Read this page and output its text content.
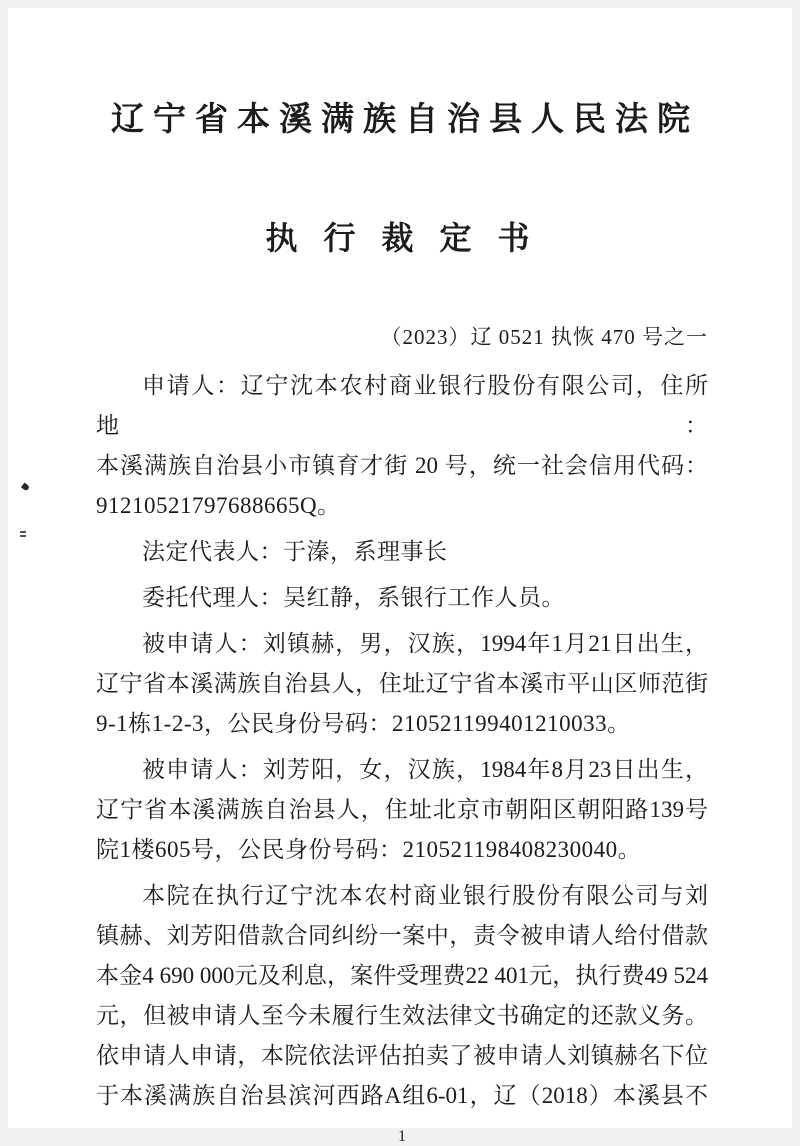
辽宁省本溪满族自治县人民法院
执 行 裁 定 书
（2023）辽 0521 执恢 470 号之一
申请人：辽宁沈本农村商业银行股份有限公司，住所地：
本溪满族自治县小市镇育才街 20 号，统一社会信用代码：
91210521797688665Q。
法定代表人：于溱，系理事长
委托代理人：吴红静，系银行工作人员。
被申请人：刘镇赫，男，汉族，1994年1月21日出生，
辽宁省本溪满族自治县人，住址辽宁省本溪市平山区师范街
9-1栋1-2-3，公民身份号码：210521199401210033。
被申请人：刘芳阳，女，汉族，1984年8月23日出生，
辽宁省本溪满族自治县人，住址北京市朝阳区朝阳路139号
院1楼605号，公民身份号码：210521198408230040。
本院在执行辽宁沈本农村商业银行股份有限公司与刘
镇赫、刘芳阳借款合同纠纷一案中，责令被申请人给付借款
本金4 690 000元及利息，案件受理费22 401元，执行费49 524
元，但被申请人至今未履行生效法律文书确定的还款义务。
依申请人申请，本院依法评估拍卖了被申请人刘镇赫名下位
于本溪满族自治县滨河西路A组6-01，辽（2018）本溪县不
1
